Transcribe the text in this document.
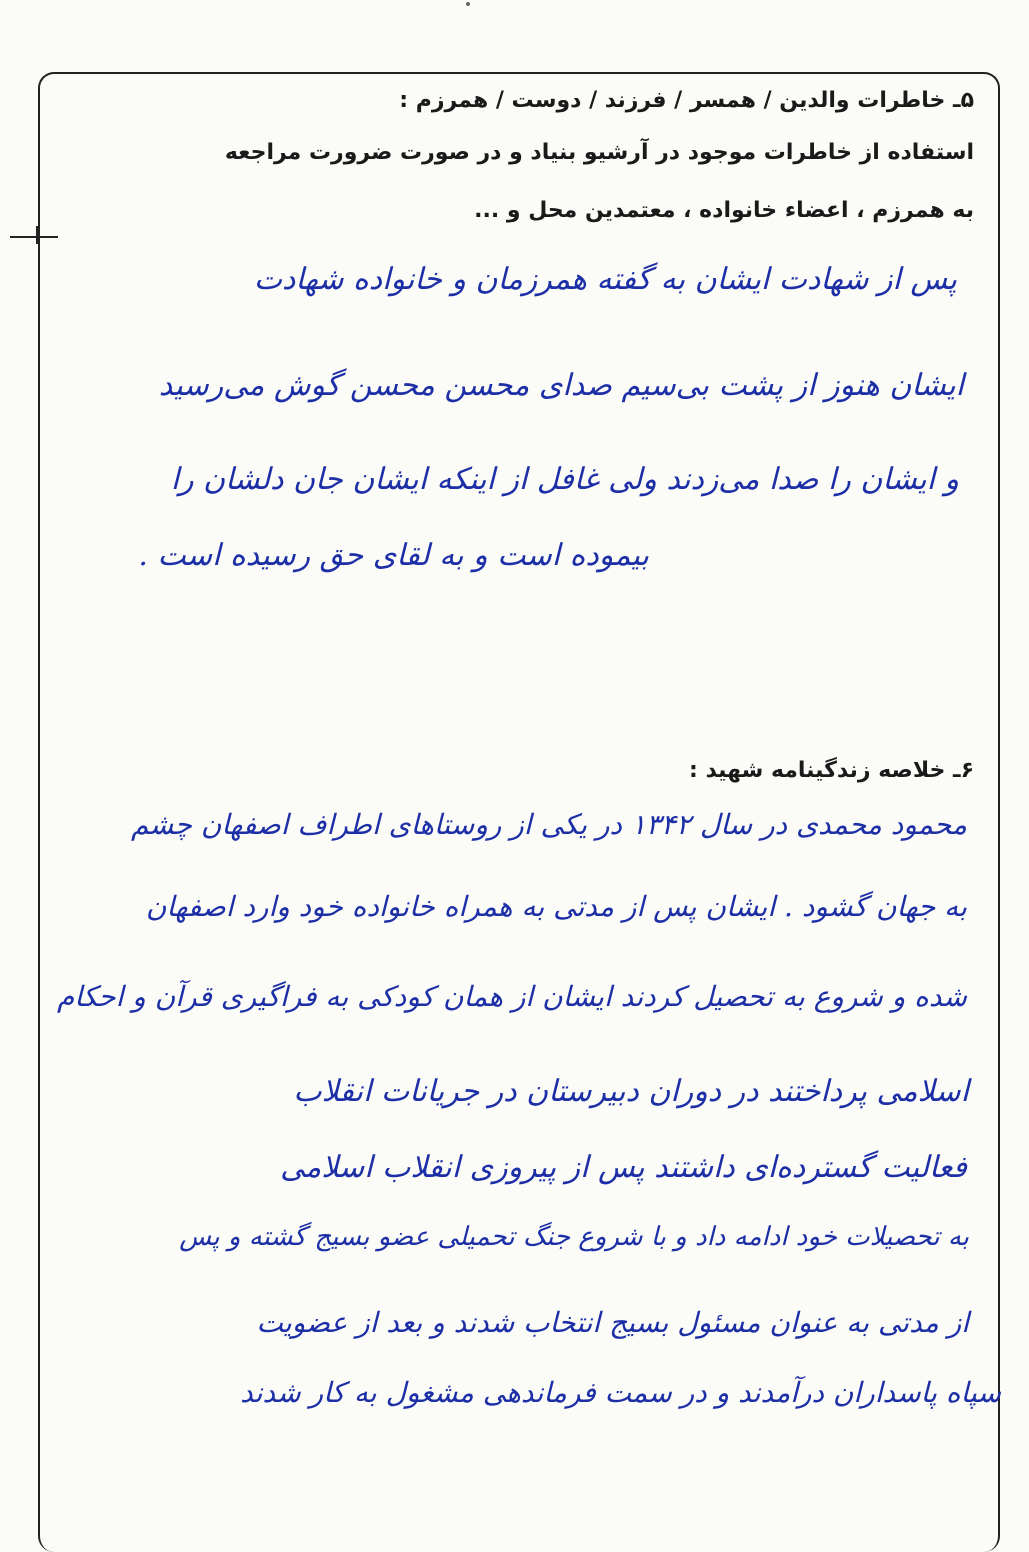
۵ـ خاطرات والدین / همسر / فرزند / دوست / همرزم :
استفاده از خاطرات موجود در آرشیو بنیاد و در صورت ضرورت مراجعه
به همرزم ، اعضاء خانواده ، معتمدین محل و ...
پس از شهادت ایشان به گفته همرزمان و خانواده شهادت
ایشان هنوز از پشت بی‌سیم صدای محسن محسن گوش می‌رسید
و ایشان را صدا می‌زدند ولی غافل از اینکه ایشان جان دلشان را
بیموده است و به لقای حق رسیده است .
۶ـ خلاصه زندگینامه شهید :
محمود محمدی در سال ۱۳۴۲ در یکی از روستاهای اطراف اصفهان چشم
به جهان گشود . ایشان پس از مدتی به همراه خانواده خود وارد اصفهان
شده و شروع به تحصیل کردند ایشان از همان کودکی به فراگیری قرآن و احکام
اسلامی پرداختند در دوران دبیرستان در جریانات انقلاب
فعالیت گسترده‌ای داشتند پس از پیروزی انقلاب اسلامی
به تحصیلات خود ادامه داد و با شروع جنگ تحمیلی عضو بسیج گشته و پس
از مدتی به عنوان مسئول بسیج انتخاب شدند و بعد از عضویت
سپاه پاسداران درآمدند و در سمت فرماندهی مشغول به کار شدند
